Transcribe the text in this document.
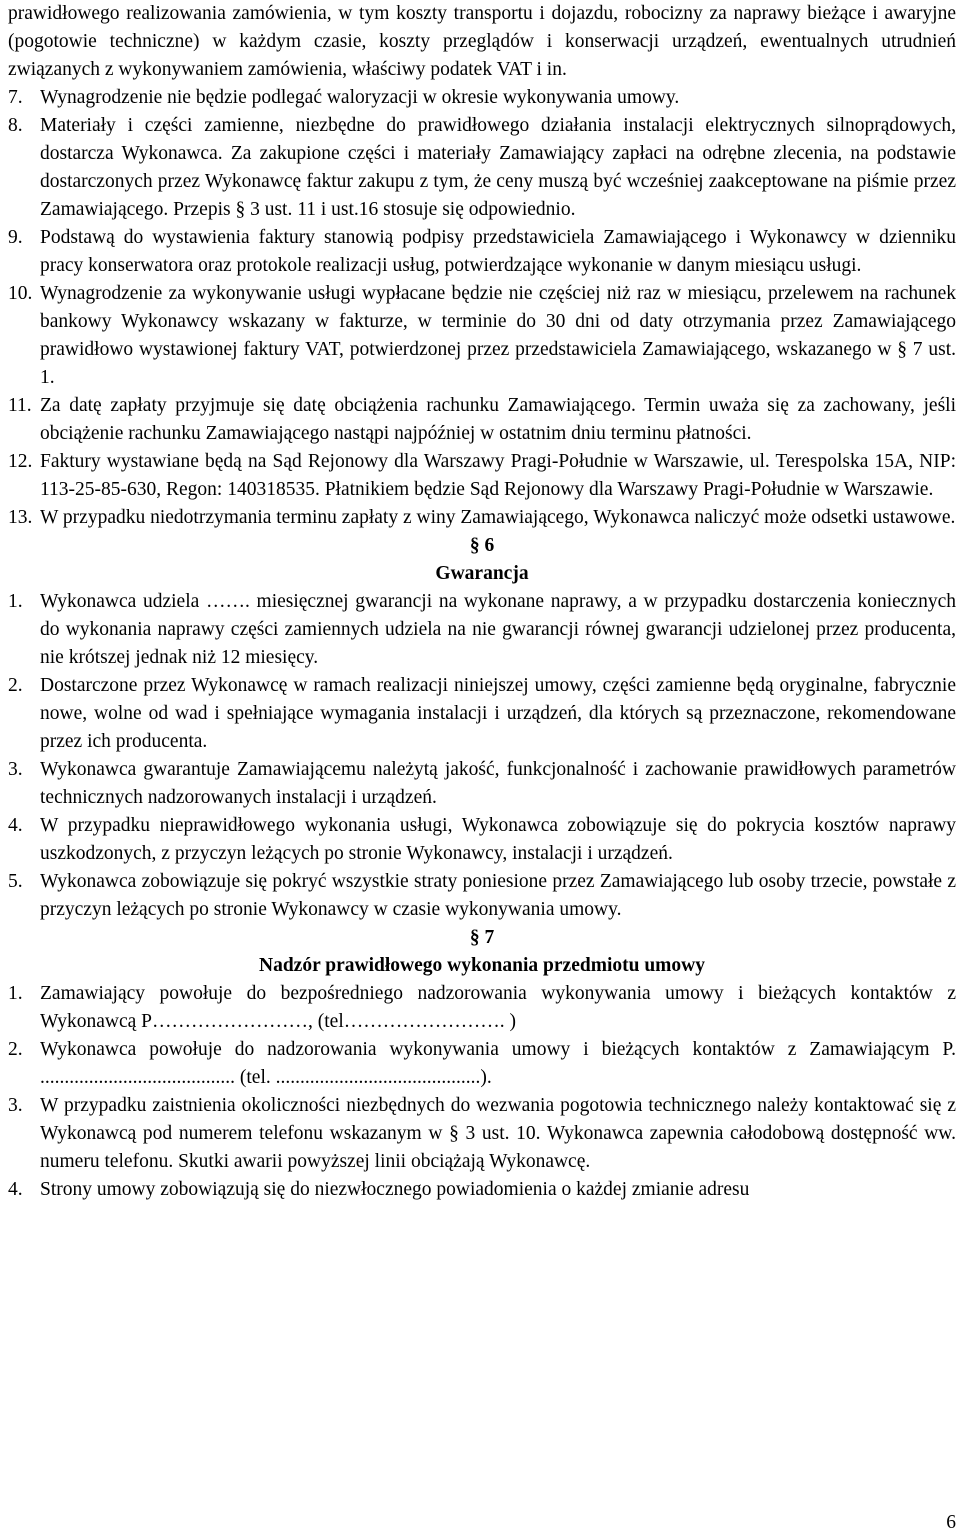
prawidłowego realizowania zamówienia, w tym koszty transportu i dojazdu, robocizny za naprawy bieżące i awaryjne (pogotowie techniczne) w każdym czasie, koszty przeglądów i konserwacji urządzeń, ewentualnych utrudnień związanych z wykonywaniem zamówienia, właściwy podatek VAT i in.

7. Wynagrodzenie nie będzie podlegać waloryzacji w okresie wykonywania umowy.
8. Materiały i części zamienne, niezbędne do prawidłowego działania instalacji elektrycznych silnoprądowych, dostarcza Wykonawca. Za zakupione części i materiały Zamawiający zapłaci na odrębne zlecenia, na podstawie dostarczonych przez Wykonawcę faktur zakupu z tym, że ceny muszą być wcześniej zaakceptowane na piśmie przez Zamawiającego. Przepis § 3 ust. 11 i ust.16 stosuje się odpowiednio.
9. Podstawą do wystawienia faktury stanowią podpisy przedstawiciela Zamawiającego i Wykonawcy w dzienniku pracy konserwatora oraz protokole realizacji usług, potwierdzające wykonanie w danym miesiącu usługi.
10. Wynagrodzenie za wykonywanie usługi wypłacane będzie nie częściej niż raz w miesiącu, przelewem na rachunek bankowy Wykonawcy wskazany w fakturze, w terminie do 30 dni od daty otrzymania przez Zamawiającego prawidłowo wystawionej faktury VAT, potwierdzonej przez przedstawiciela Zamawiającego, wskazanego w § 7 ust. 1.
11. Za datę zapłaty przyjmuje się datę obciążenia rachunku Zamawiającego. Termin uważa się za zachowany, jeśli obciążenie rachunku Zamawiającego nastąpi najpóźniej w ostatnim dniu terminu płatności.
12. Faktury wystawiane będą na Sąd Rejonowy dla Warszawy Pragi-Południe w Warszawie, ul. Terespolska 15A, NIP: 113-25-85-630, Regon: 140318535. Płatnikiem będzie Sąd Rejonowy dla Warszawy Pragi-Południe w Warszawie.
13. W przypadku niedotrzymania terminu zapłaty z winy Zamawiającego, Wykonawca naliczyć może odsetki ustawowe.

§ 6

Gwarancja

1. Wykonawca udziela ……. miesięcznej gwarancji na wykonane naprawy, a w przypadku dostarczenia koniecznych do wykonania naprawy części zamiennych udziela na nie gwarancji równej gwarancji udzielonej przez producenta, nie krótszej jednak niż 12 miesięcy.
2. Dostarczone przez Wykonawcę w ramach realizacji niniejszej umowy, części zamienne będą oryginalne, fabrycznie nowe, wolne od wad i spełniające wymagania instalacji i urządzeń, dla których są przeznaczone, rekomendowane przez ich producenta.
3. Wykonawca gwarantuje Zamawiającemu należytą jakość, funkcjonalność i zachowanie prawidłowych parametrów technicznych nadzorowanych instalacji i urządzeń.
4. W przypadku nieprawidłowego wykonania usługi, Wykonawca zobowiązuje się do pokrycia kosztów naprawy uszkodzonych, z przyczyn leżących po stronie Wykonawcy, instalacji i urządzeń.
5. Wykonawca zobowiązuje się pokryć wszystkie straty poniesione przez Zamawiającego lub osoby trzecie, powstałe z przyczyn leżących po stronie Wykonawcy w czasie wykonywania umowy.

§ 7

Nadzór prawidłowego wykonania przedmiotu umowy

1. Zamawiający powołuje do bezpośredniego nadzorowania wykonywania umowy i bieżących kontaktów z Wykonawcą P……………………, (tel……………………. )
2. Wykonawca powołuje do nadzorowania wykonywania umowy i bieżących kontaktów z Zamawiającym P. ........................................ (tel. ..........................................).
3. W przypadku zaistnienia okoliczności niezbędnych do wezwania pogotowia technicznego należy kontaktować się z Wykonawcą pod numerem telefonu wskazanym w § 3 ust. 10. Wykonawca zapewnia całodobową dostępność ww. numeru telefonu. Skutki awarii powyższej linii obciążają Wykonawcę.
4. Strony umowy zobowiązują się do niezwłocznego powiadomienia o każdej zmianie adresu
6
